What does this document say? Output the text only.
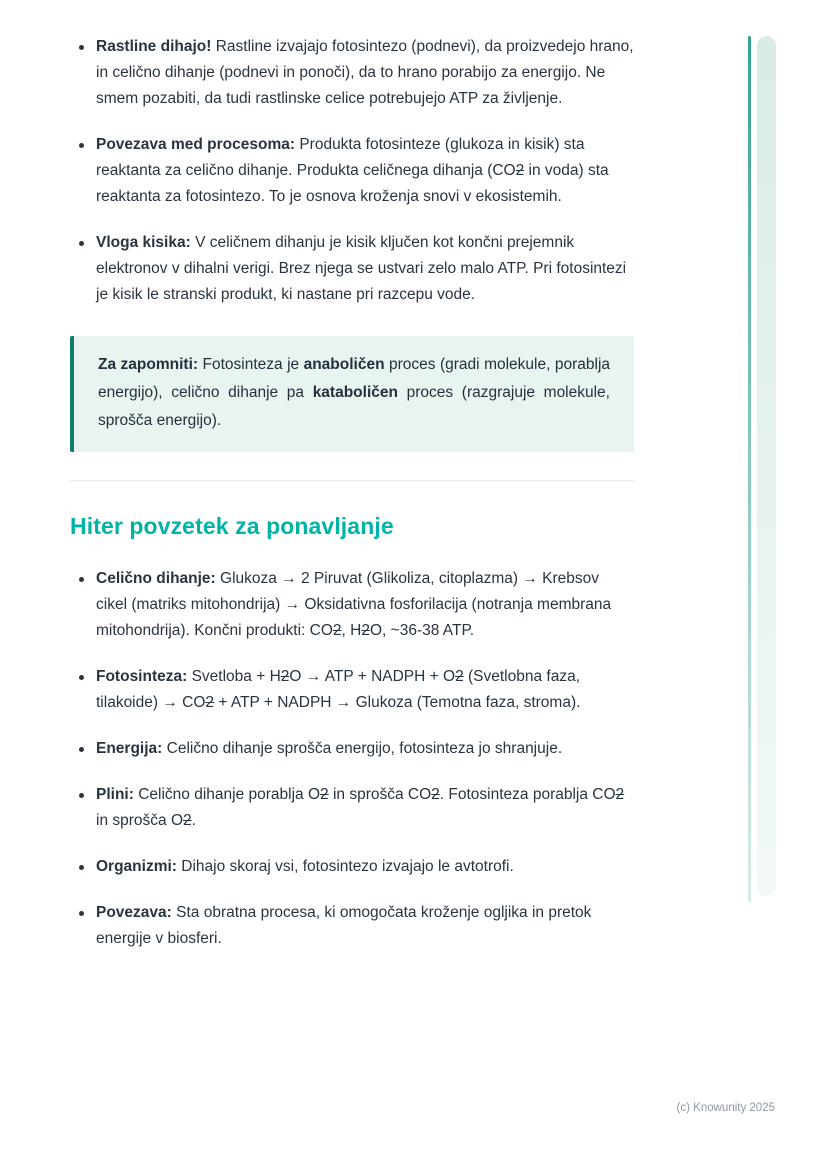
Rastline dihajo! Rastline izvajajo fotosintezo (podnevi), da proizvedejo hrano, in celično dihanje (podnevi in ponoči), da to hrano porabijo za energijo. Ne smem pozabiti, da tudi rastlinske celice potrebujejo ATP za življenje.
Povezava med procesoma: Produkta fotosinteze (glukoza in kisik) sta reaktanta za celično dihanje. Produkta celičnega dihanja (CO2 in voda) sta reaktanta za fotosintezo. To je osnova kroženja snovi v ekosistemih.
Vloga kisika: V celičnem dihanju je kisik ključen kot končni prejemnik elektronov v dihalni verigi. Brez njega se ustvari zelo malo ATP. Pri fotosintezi je kisik le stranski produkt, ki nastane pri razcepu vode.

Za zapomniti: Fotosinteza je anaboličen proces (gradi molekule, porablja energijo), celično dihanje pa kataboličen proces (razgrajuje molekule, sprošča energijo).

Hiter povzetek za ponavljanje
Celično dihanje: Glukoza → 2 Piruvat (Glikoliza, citoplazma) → Krebsov cikel (matriks mitohondrija) → Oksidativna fosforilacija (notranja membrana mitohondrija). Končni produkti: CO2, H2O, ~36-38 ATP.
Fotosinteza: Svetloba + H2O → ATP + NADPH + O2 (Svetlobna faza, tilakoide) → CO2 + ATP + NADPH → Glukoza (Temotna faza, stroma).
Energija: Celično dihanje sprošča energijo, fotosinteza jo shranjuje.
Plini: Celično dihanje porablja O2 in sprošča CO2. Fotosinteza porablja CO2 in sprošča O2.
Organizmi: Dihajo skoraj vsi, fotosintezo izvajajo le avtotrofi.
Povezava: Sta obratna procesa, ki omogočata kroženje ogljika in pretok energije v biosferi.
(c) Knowunity 2025
